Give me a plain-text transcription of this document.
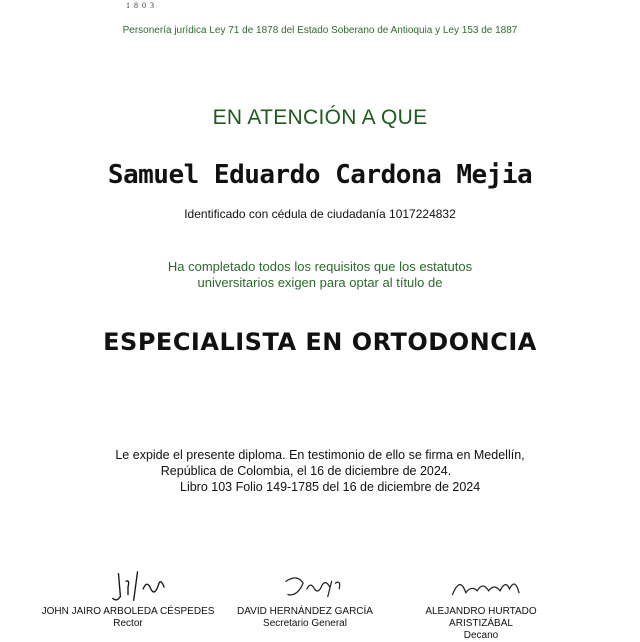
1803
Personería jurídica Ley 71 de 1878 del Estado Soberano de Antioquia y Ley 153 de 1887
EN ATENCIÓN A QUE
Samuel Eduardo Cardona Mejia
Identificado con cédula de ciudadanía 1017224832
Ha completado todos los requisitos que los estatutos
universitarios exigen para optar al título de
ESPECIALISTA EN ORTODONCIA
Le expide el presente diploma. En testimonio de ello se firma en Medellín,
República de Colombia, el 16 de diciembre de 2024.
Libro 103 Folio 149-1785 del 16 de diciembre de 2024
JOHN JAIRO ARBOLEDA CÉSPEDES
Rector
DAVID HERNÁNDEZ GARCÍA
Secretario General
ALEJANDRO HURTADO
ARISTIZÁBAL
Decano
